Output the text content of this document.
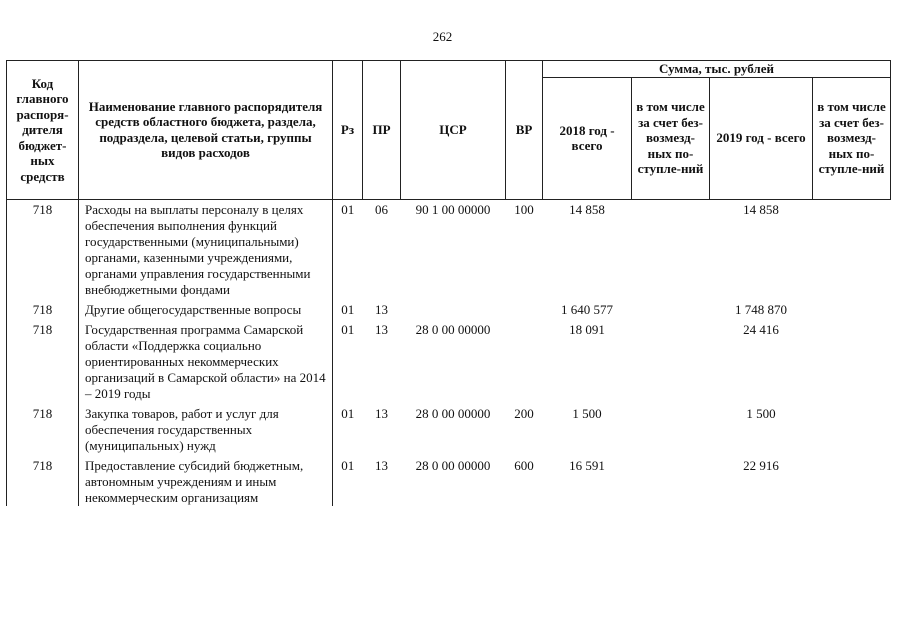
262
Код главного распоря-дителя бюджет-ных средств	Наименование главного распорядителя средств областного бюджета, раздела, подраздела, целевой статьи, группы видов расходов	Рз	ПР	ЦСР	ВР	Сумма, тыс. рублей			
						2018 год - всего	в том числе за счет без-возмезд-ных по-ступле-ний	2019 год - всего	в том числе за счет без-возмезд-ных по-ступле-ний
718	Расходы на выплаты персоналу в целях обеспечения выполнения функций государственными (муниципальными) органами, казенными учреждениями, органами управления государственными внебюджетными фондами	01	06	90 1 00 00000	100	14 858		14 858	
718	Другие общегосударственные вопросы	01	13			1 640 577		1 748 870	
718	Государственная программа Самарской области «Поддержка социально ориентированных некоммерческих организаций в Самарской области» на 2014 – 2019 годы	01	13	28 0 00 00000		18 091		24 416	
718	Закупка товаров, работ и услуг для обеспечения государственных (муниципальных) нужд	01	13	28 0 00 00000	200	1 500		1 500	
718	Предоставление субсидий бюджетным, автономным учреждениям и иным некоммерческим организациям	01	13	28 0 00 00000	600	16 591		22 916	
